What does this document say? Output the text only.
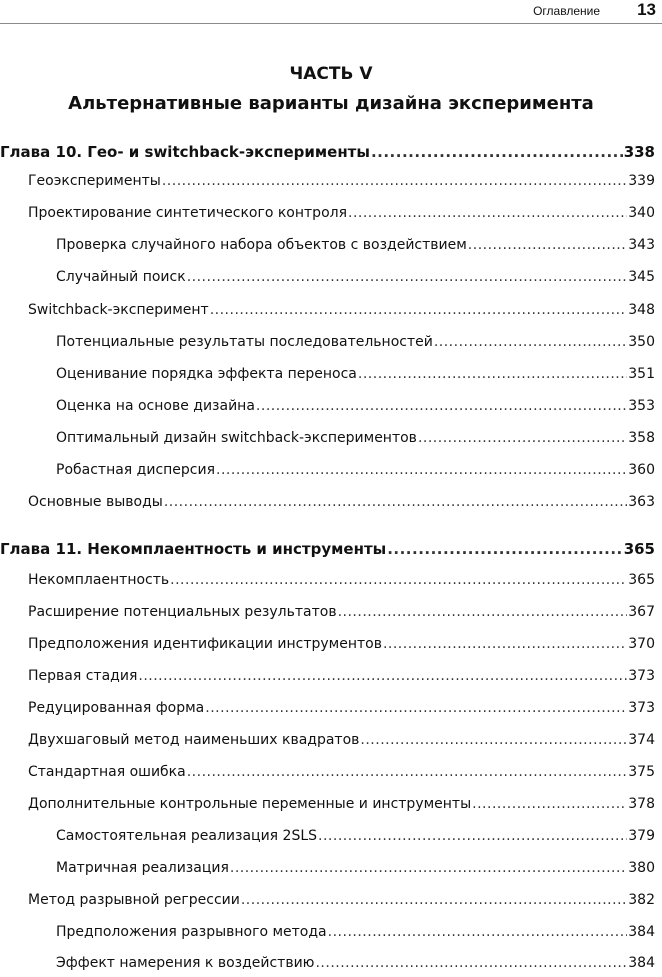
Оглавление 13
ЧАСТЬ V
Альтернативные варианты дизайна эксперимента
Глава 10. Гео- и switchback-эксперименты .....	338
Геоэксперименты .....	339
Проектирование синтетического контроля .....	340
Проверка случайного набора объектов с воздействием .....	343
Случайный поиск .....	345
Switchback-эксперимент .....	348
Потенциальные результаты последовательностей .....	350
Оценивание порядка эффекта переноса .....	351
Оценка на основе дизайна .....	353
Оптимальный дизайн switchback-экспериментов .....	358
Робастная дисперсия .....	360
Основные выводы .....	363
Глава 11. Некомплаентность и инструменты .....	365
Некомплаентность .....	365
Расширение потенциальных результатов .....	367
Предположения идентификации инструментов .....	370
Первая стадия .....	373
Редуцированная форма .....	373
Двухшаговый метод наименьших квадратов .....	374
Стандартная ошибка .....	375
Дополнительные контрольные переменные и инструменты .....	378
Самостоятельная реализация 2SLS .....	379
Матричная реализация .....	380
Метод разрывной регрессии .....	382
Предположения разрывного метода .....	384
Эффект намерения к воздействию .....	384
